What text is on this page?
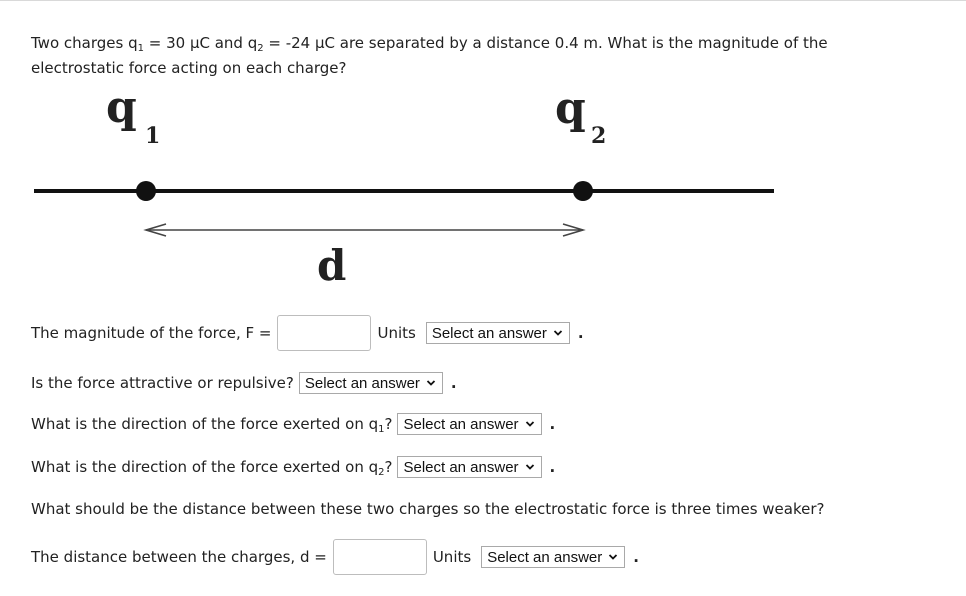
Two charges $q_1 = 30$ μC and $q_2 = -24$ μC are separated by a distance 0.4 m. What is the magnitude of the electrostatic force acting on each charge?
q
1
q
2
d
The magnitude of the force, F =	Units Select an answer .
Is the force attractive or repulsive? Select an answer .
What is the direction of the force exerted on $q_1$? Select an answer .
What is the direction of the force exerted on $q_2$? Select an answer .
What should be the distance between these two charges so the electrostatic force is three times weaker?
The distance between the charges, d =	Units Select an answer .
